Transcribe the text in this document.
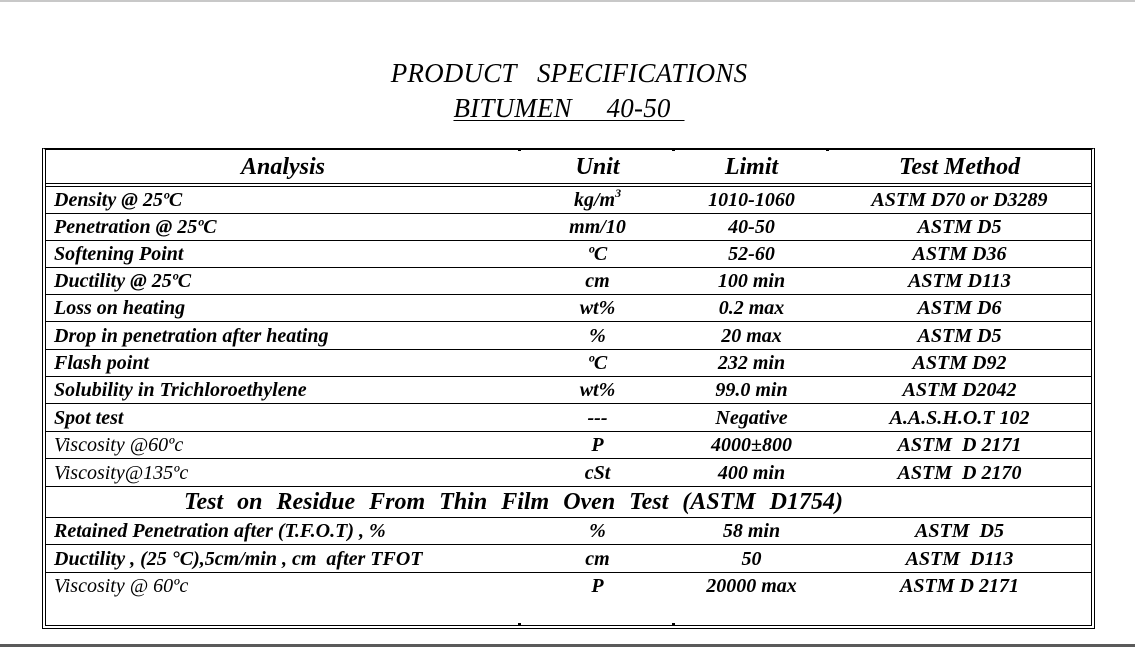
PRODUCT   SPECIFICATIONS
BITUMEN     40-50
Analysis	Unit	Limit	Test Method
Density @ 25ºC	$kg/m^3$	1010-1060	ASTM D70 or D3289
Penetration @ 25ºC	mm/10	40-50	ASTM D5
Softening Point	ºC	52-60	ASTM D36
Ductility @ 25ºC	cm	100 min	ASTM D113
Loss on heating	wt%	0.2 max	ASTM D6
Drop in penetration after heating	%	20 max	ASTM D5
Flash point	ºC	232 min	ASTM D92
Solubility in Trichloroethylene	wt%	99.0 min	ASTM D2042
Spot test	---	Negative	A.A.S.H.O.T 102
Viscosity @60ºc	P	4000±800	ASTM  D 2171
Viscosity@135ºc	cSt	400 min	ASTM  D 2170
Test on Residue From Thin Film Oven Test (ASTM D1754)
Retained Penetration after (T.F.O.T) , %	%	58 min	ASTM  D5
Ductility , (25 °C),5cm/min , cm  after TFOT	cm	50	ASTM  D113
Viscosity @ 60ºc	P	20000 max	ASTM D 2171
